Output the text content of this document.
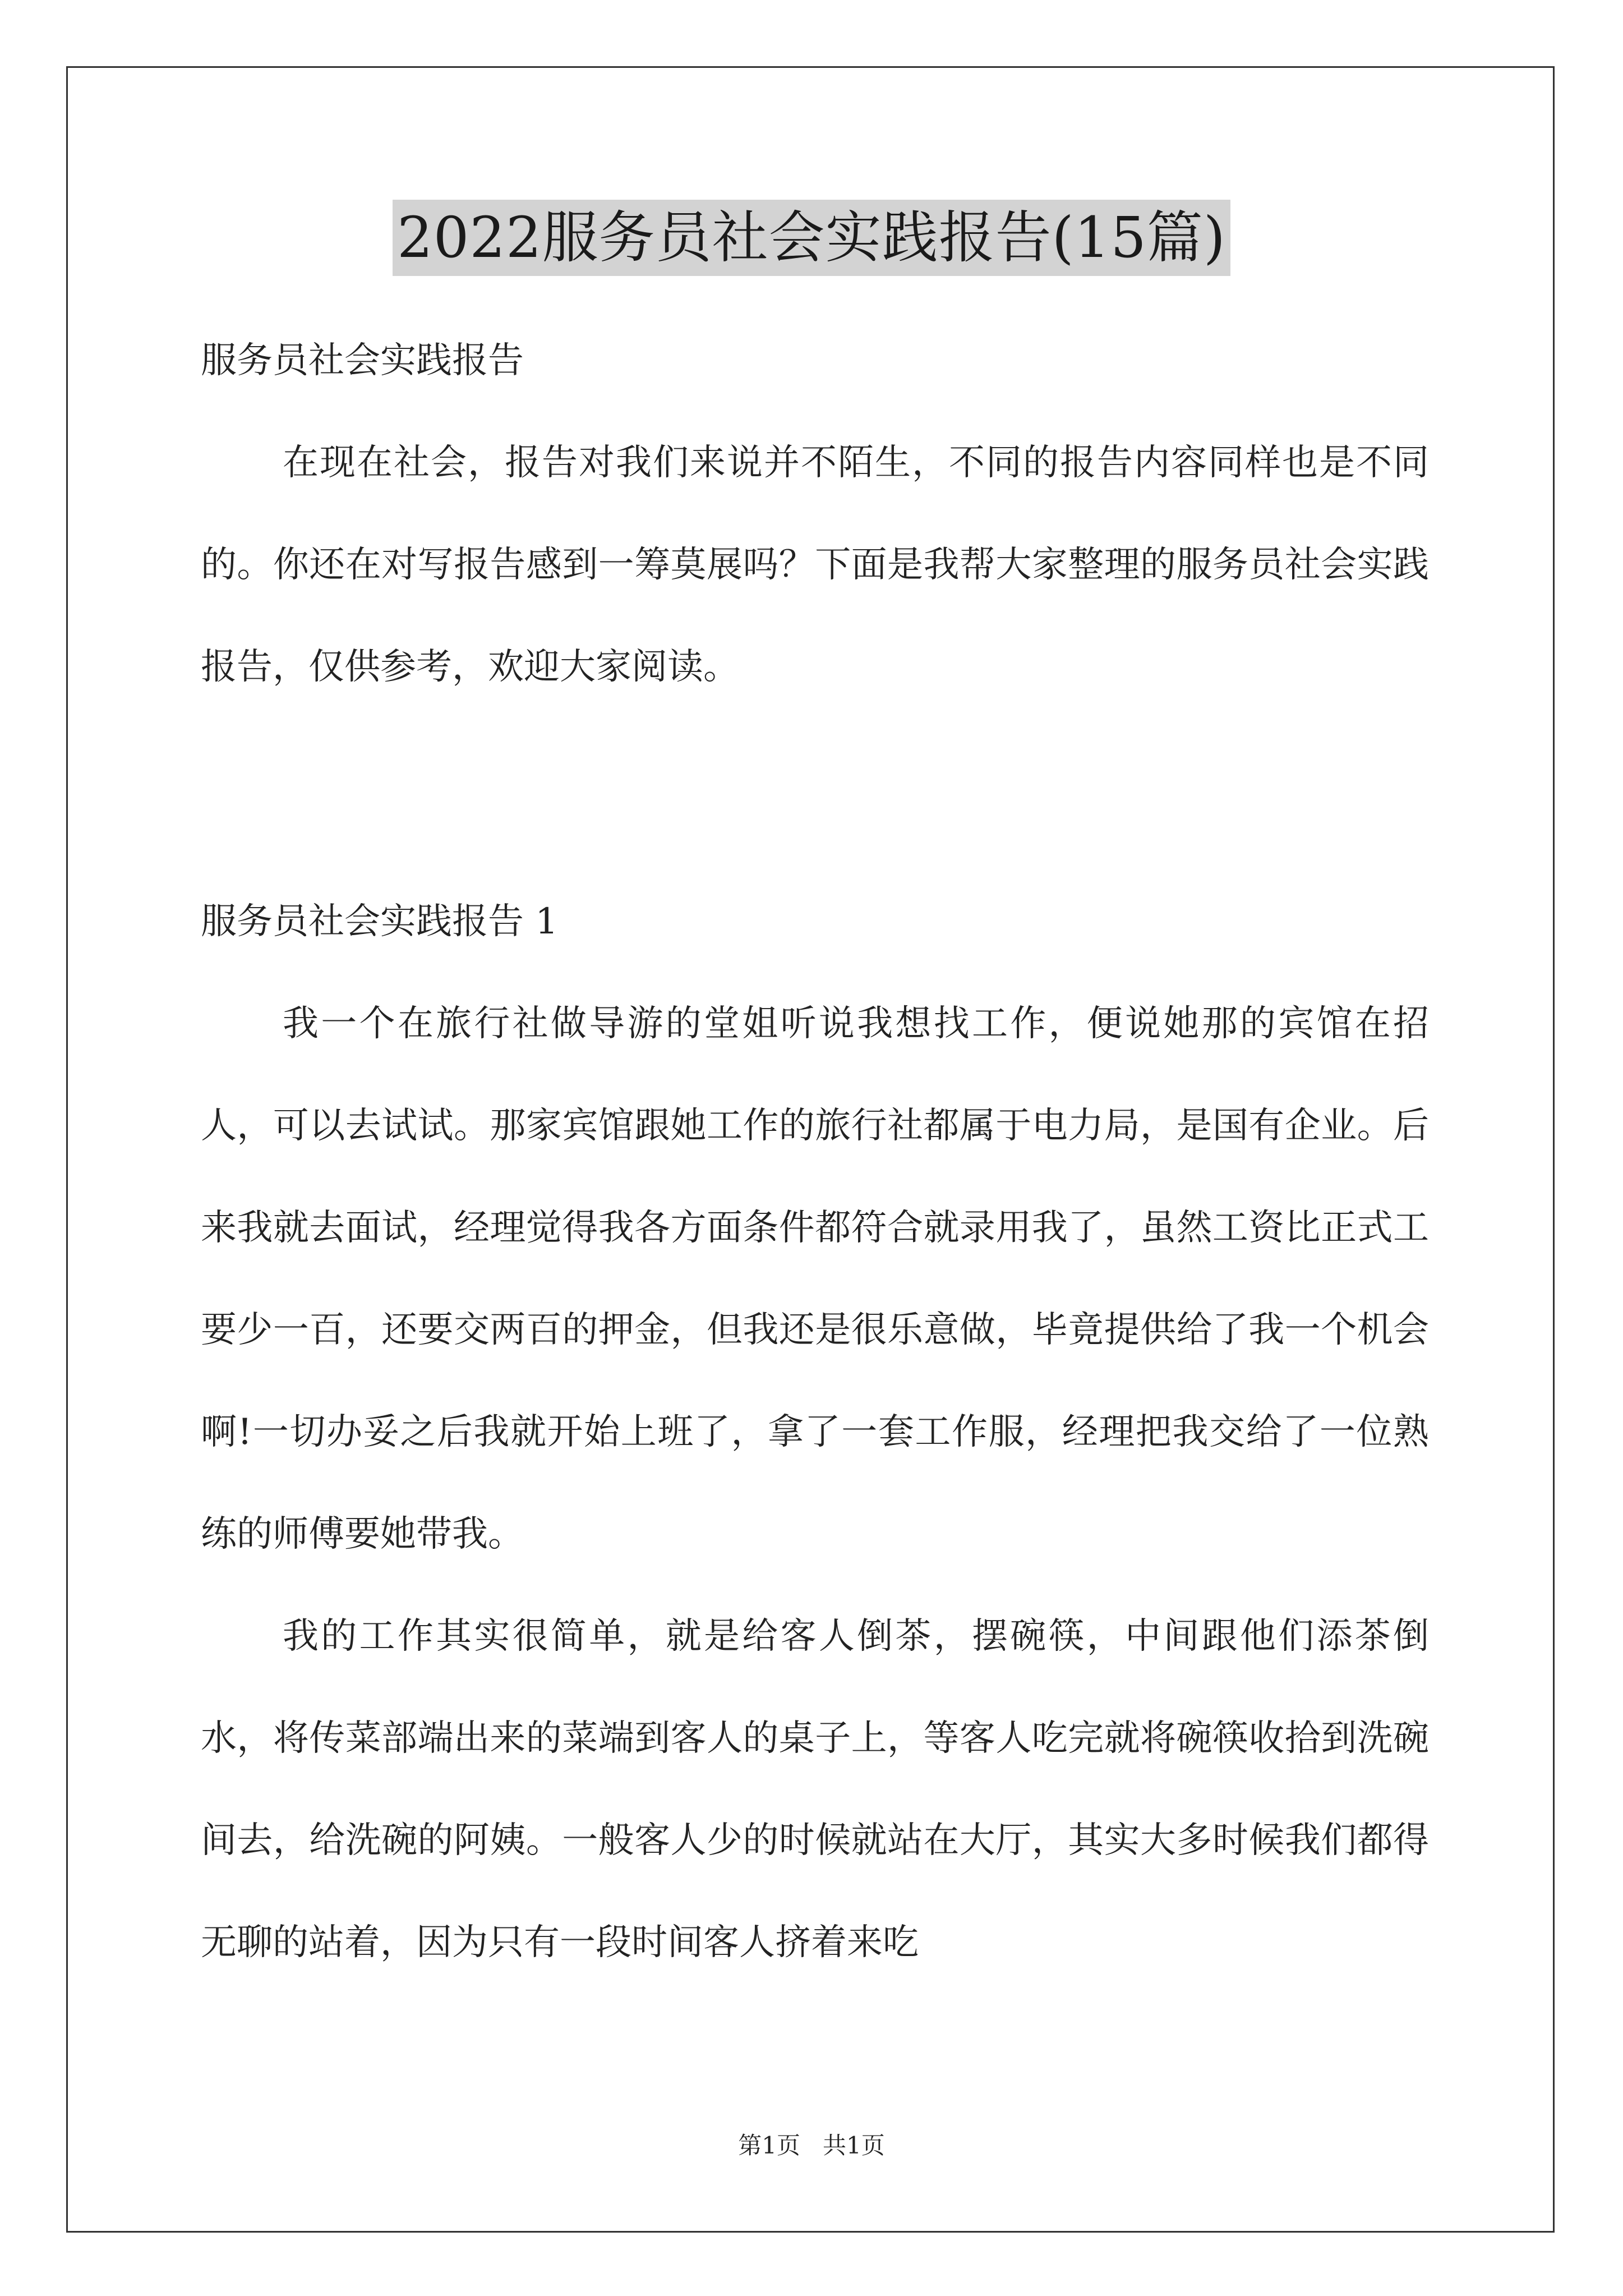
2022服务员社会实践报告(15篇)

服务员社会实践报告

在现在社会，报告对我们来说并不陌生，不同的报告内容同样也是不同的。你还在对写报告感到一筹莫展吗？下面是我帮大家整理的服务员社会实践报告，仅供参考，欢迎大家阅读。

服务员社会实践报告 1

我一个在旅行社做导游的堂姐听说我想找工作，便说她那的宾馆在招人，可以去试试。那家宾馆跟她工作的旅行社都属于电力局，是国有企业。后来我就去面试，经理觉得我各方面条件都符合就录用我了，虽然工资比正式工要少一百，还要交两百的押金，但我还是很乐意做，毕竟提供给了我一个机会啊!一切办妥之后我就开始上班了，拿了一套工作服，经理把我交给了一位熟练的师傅要她带我。

我的工作其实很简单，就是给客人倒茶，摆碗筷，中间跟他们添茶倒水，将传菜部端出来的菜端到客人的桌子上，等客人吃完就将碗筷收拾到洗碗间去，给洗碗的阿姨。一般客人少的时候就站在大厅，其实大多时候我们都得无聊的站着，因为只有一段时间客人挤着来吃

第1页   共1页
